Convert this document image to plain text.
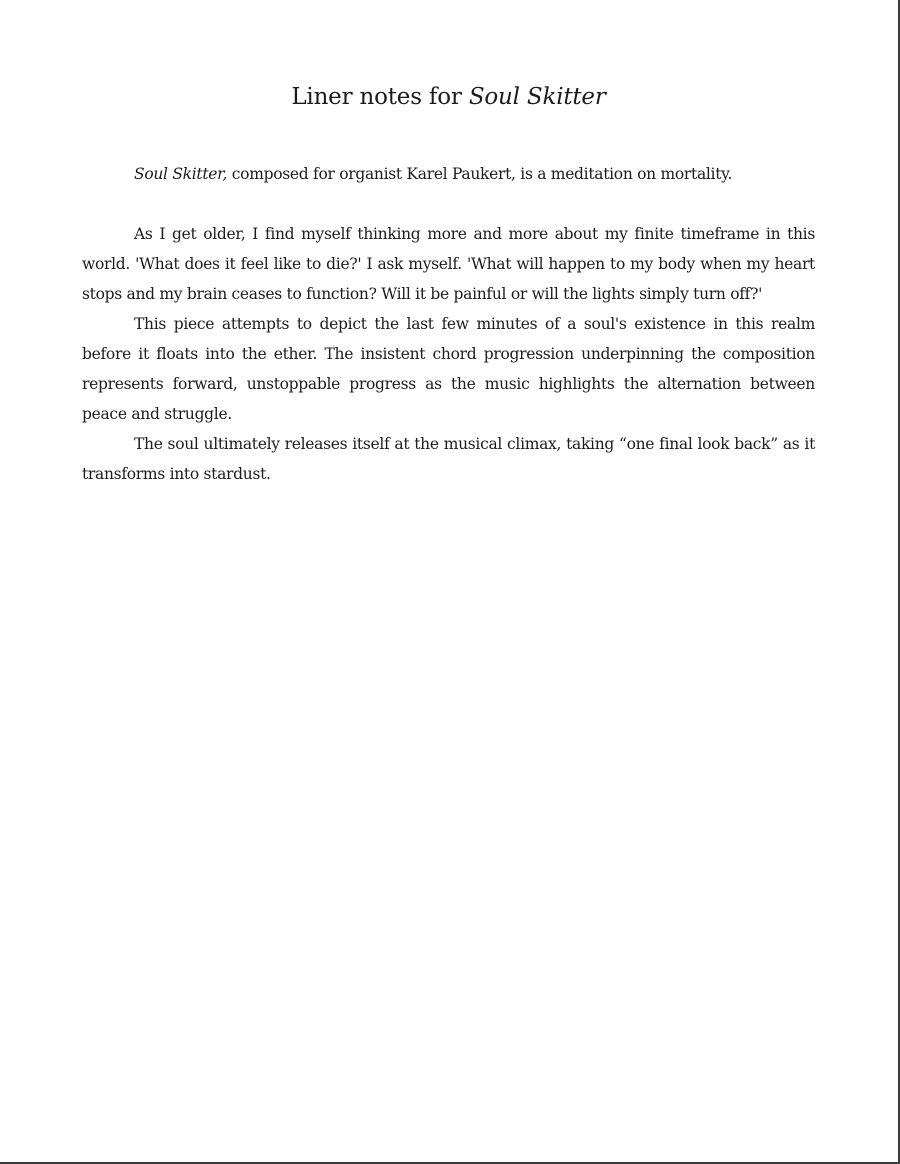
Liner notes for Soul Skitter

Soul Skitter, composed for organist Karel Paukert, is a meditation on mortality.

As I get older, I find myself thinking more and more about my finite timeframe in this world. 'What does it feel like to die?' I ask myself. 'What will happen to my body when my heart stops and my brain ceases to function? Will it be painful or will the lights simply turn off?'

This piece attempts to depict the last few minutes of a soul's existence in this realm before it floats into the ether. The insistent chord progression underpinning the composition represents forward, unstoppable progress as the music highlights the alternation between peace and struggle.

The soul ultimately releases itself at the musical climax, taking “one final look back” as it transforms into stardust.
